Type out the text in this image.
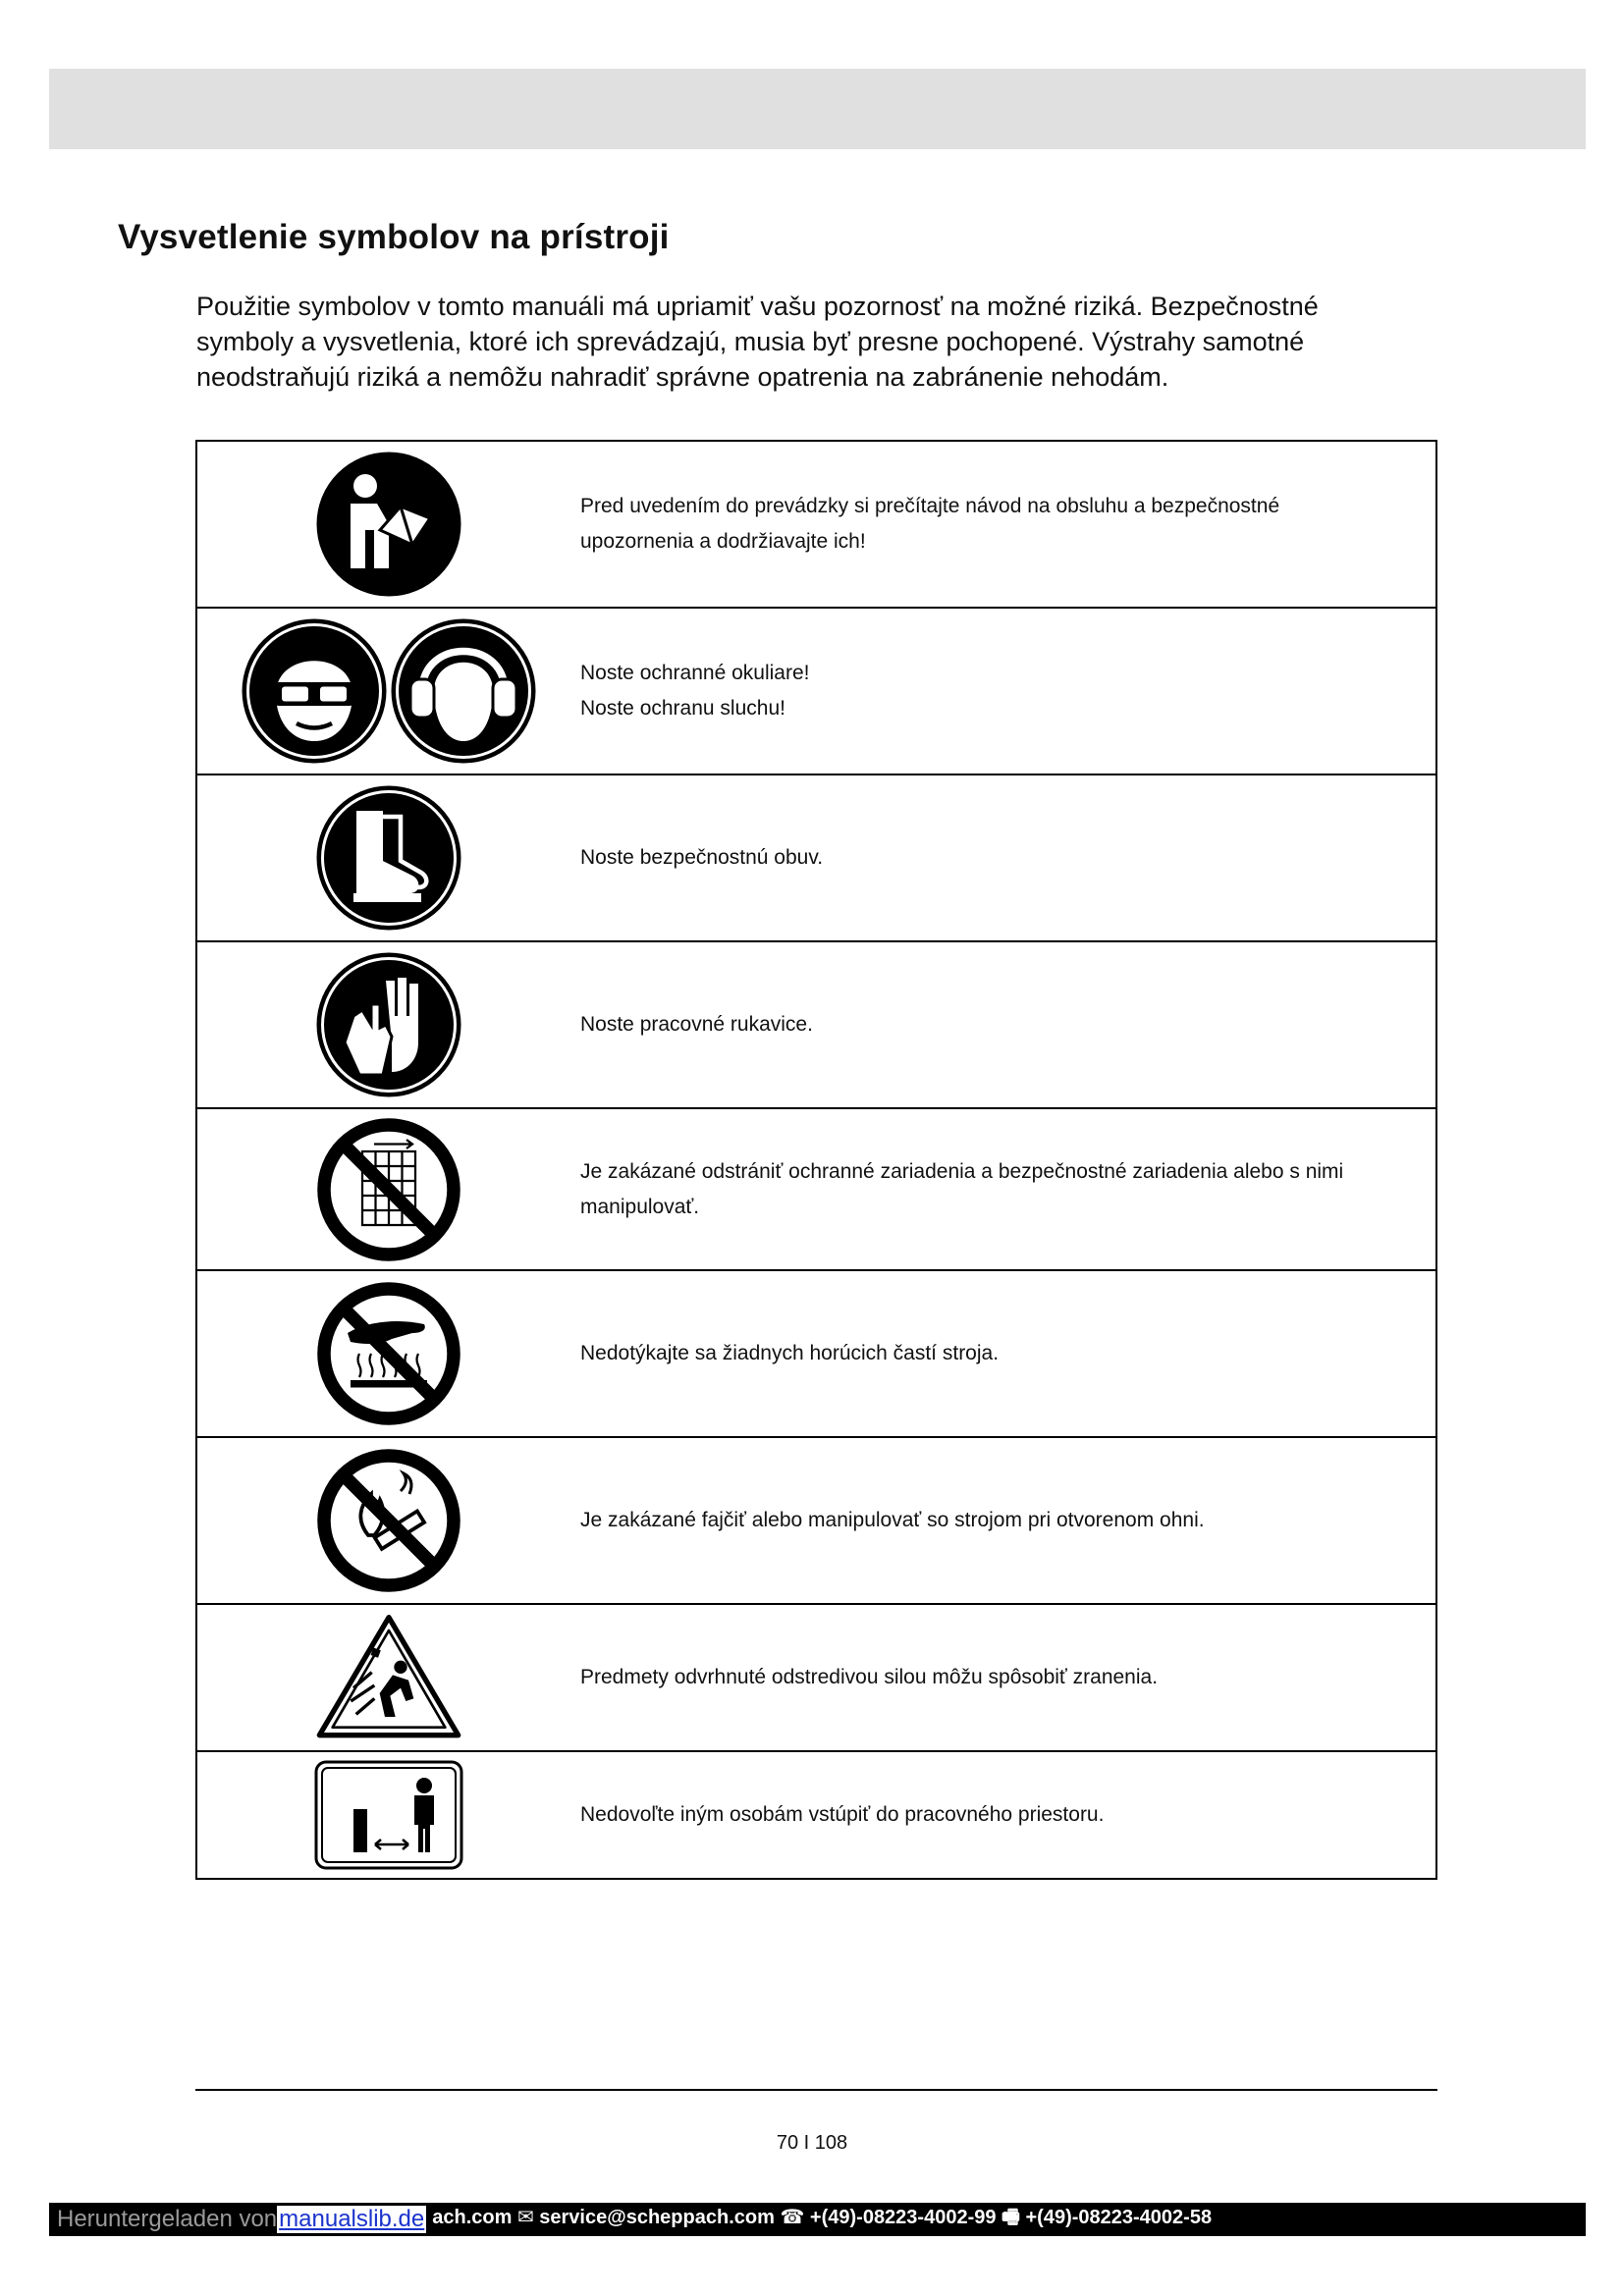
Vysvetlenie symbolov na prístroji

Použitie symbolov v tomto manuáli má upriamiť vašu pozornosť na možné riziká. Bezpečnostné
symboly a vysvetlenia, ktoré ich sprevádzajú, musia byť presne pochopené. Výstrahy samotné
neodstraňujú riziká a nemôžu nahradiť správne opatrenia na zabránenie nehodám.

Pred uvedením do prevádzky si prečítajte návod na obsluhu a bezpečnostné
upozornenia a dodržiavajte ich!
Noste ochranné okuliare!
Noste ochranu sluchu!
Noste bezpečnostnú obuv.
Noste pracovné rukavice.
Je zakázané odstrániť ochranné zariadenia a bezpečnostné zariadenia alebo s nimi
manipulovať.
Nedotýkajte sa žiadnych horúcich častí stroja.
Je zakázané fajčiť alebo manipulovať so strojom pri otvorenom ohni.
Predmety odvrhnuté odstredivou silou môžu spôsobiť zranenia.
Nedovoľte iným osobám vstúpiť do pracovného priestoru.
70 I 108
Heruntergeladen von manualslib.de ach.com ✉ service@scheppach.com ☎ +(49)-08223-4002-99 🖷 +(49)-08223-4002-58
